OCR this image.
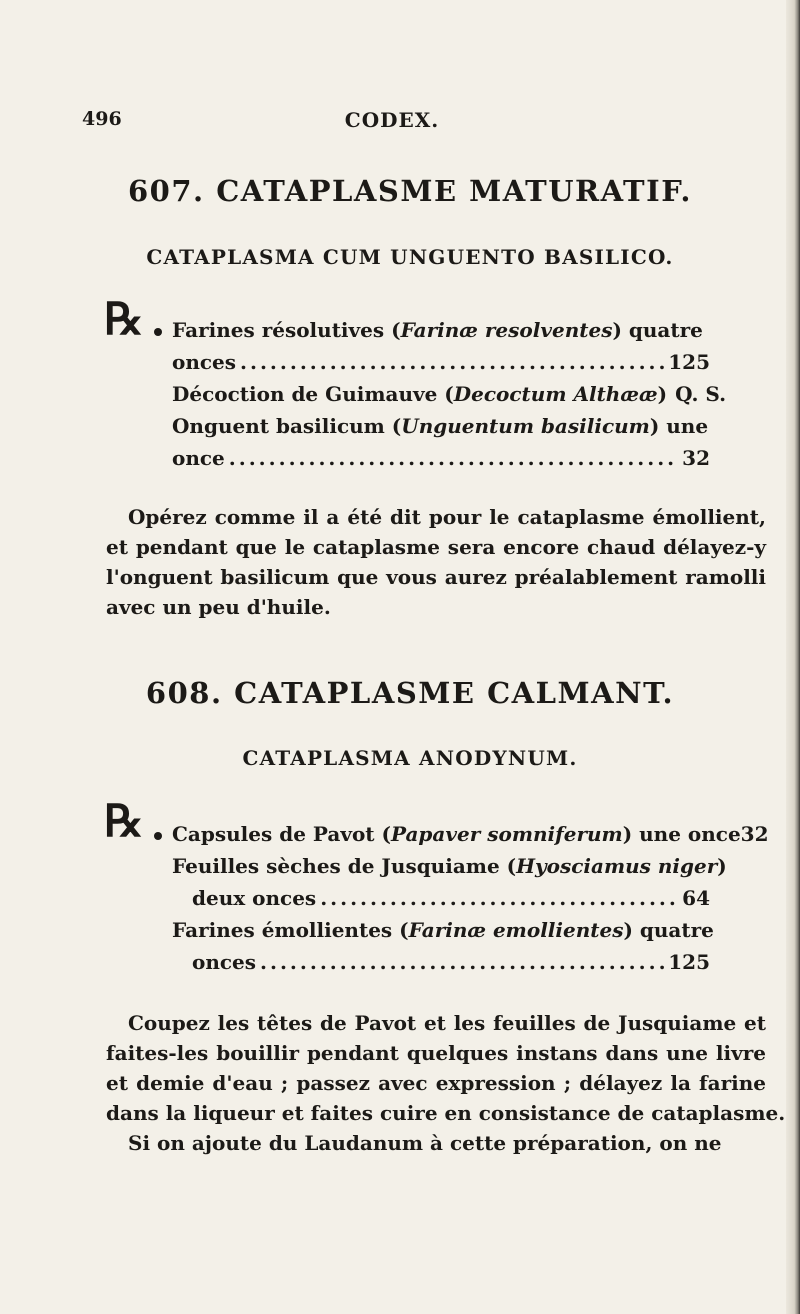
496	CODEX.
607. CATAPLASME MATURATIF.
CATAPLASMA CUM UNGUENTO BASILICO.
℞ Farines résolutives (Farinæ resolventes) quatre
onces .....	125
Décoction de Guimauve (Decoctum Althææ) Q. S.
Onguent basilicum (Unguentum basilicum) une
once .....	32
Opérez comme il a été dit pour le cataplasme émollient,
et pendant que le cataplasme sera encore chaud délayez-y
l'onguent basilicum que vous aurez préalablement ramolli
avec un peu d'huile.
608. CATAPLASME CALMANT.
CATAPLASMA ANODYNUM.
℞ Capsules de Pavot (Papaver somniferum) une once 32
Feuilles sèches de Jusquiame (Hyosciamus niger)
deux onces .....	64
Farines émollientes (Farinæ emollientes) quatre
onces .....	125
Coupez les têtes de Pavot et les feuilles de Jusquiame et
faites-les bouillir pendant quelques instans dans une livre
et demie d'eau ; passez avec expression ; délayez la farine
dans la liqueur et faites cuire en consistance de cataplasme.
Si on ajoute du Laudanum à cette préparation, on ne
